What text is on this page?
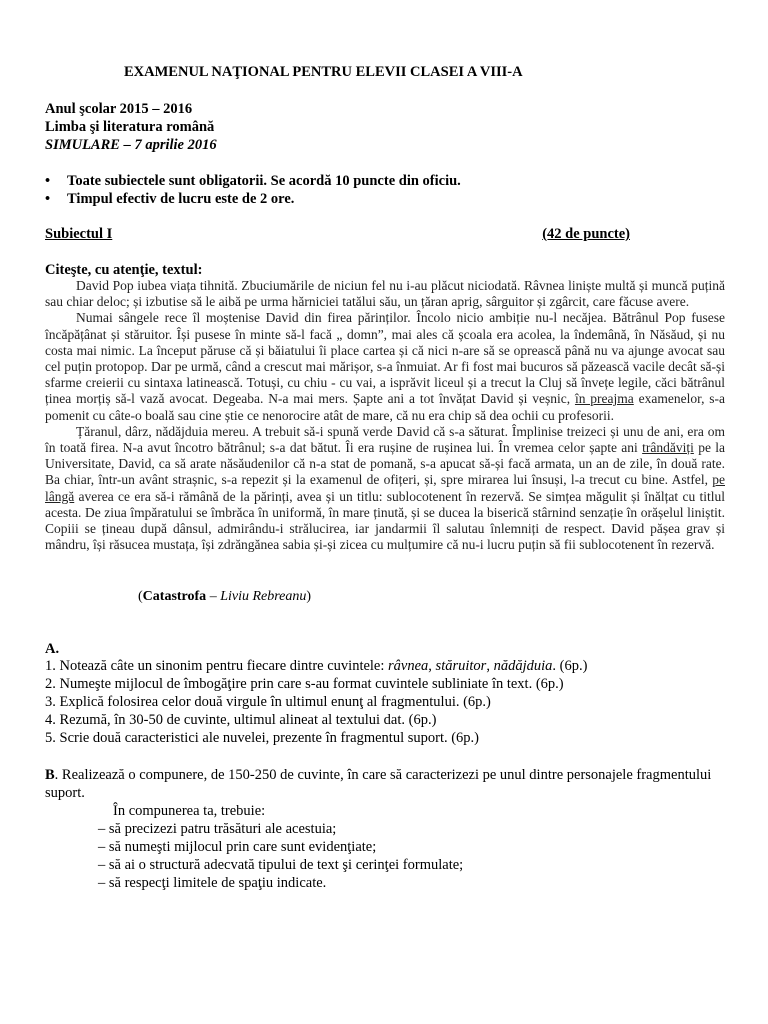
EXAMENUL NAŢIONAL PENTRU ELEVII CLASEI A VIII-A
Anul şcolar 2015 – 2016
Limba şi literatura română
SIMULARE – 7 aprilie 2016
• Toate subiectele sunt obligatorii. Se acordă 10 puncte din oficiu.
• Timpul efectiv de lucru este de 2 ore.
Subiectul I	(42 de puncte)
Citeşte, cu atenţie, textul:

David Pop iubea viața tihnită. Zbuciumările de niciun fel nu i-au plăcut niciodată. Râvnea liniște multă și muncă puțină sau chiar deloc; și izbutise să le aibă pe urma hărniciei tatălui său, un țăran aprig, sârguitor și zgârcit, care făcuse avere.

Numai sângele rece îl moștenise David din firea părinților. Încolo nicio ambiție nu-l necăjea. Bătrânul Pop fusese încăpățânat și stăruitor. Își pusese în minte să-l facă „ domn”, mai ales că școala era acolea, la îndemână, în Năsăud, și nu costa mai nimic. La început păruse că și băiatului îi place cartea și că nici n-are să se oprească până nu va ajunge avocat sau cel puțin protopop. Dar pe urmă, când a crescut mai mărișor, s-a înmuiat. Ar fi fost mai bucuros să păzească vacile decât să-și sfarme creierii cu sintaxa latinească. Totuși, cu chiu - cu vai, a isprăvit liceul și a trecut la Cluj să învețe legile, căci bătrânul ținea morțiș să-l vază avocat. Degeaba. N-a mai mers. Șapte ani a tot învățat David și veșnic, în preajma examenelor, s-a pomenit cu câte-o boală sau cine știe ce nenorocire atât de mare, că nu era chip să dea ochii cu profesorii.

Țăranul, dârz, nădăjduia mereu. A trebuit să-i spună verde David că s-a săturat. Împlinise treizeci și unu de ani, era om în toată firea. N-a avut încotro bătrânul; s-a dat bătut. Îi era rușine de rușinea lui. În vremea celor șapte ani trândăviți pe la Universitate, David, ca să arate năsăudenilor că n-a stat de pomană, s-a apucat să-și facă armata, un an de zile, în două rate. Ba chiar, într-un avânt strașnic, s-a repezit și la examenul de ofițeri, și, spre mirarea lui însuși, l-a trecut cu bine. Astfel, pe lângă averea ce era să-i rămână de la părinți, avea și un titlu: sublocotenent în rezervă. Se simțea măgulit și înălțat cu titlul acesta. De ziua împăratului se îmbrăca în uniformă, în mare ținută, și se ducea la biserică stârnind senzație în orășelul liniștit. Copiii se țineau după dânsul, admirându-i strălucirea, iar jandarmii îl salutau înlemniți de respect. David pășea grav și mândru, își răsucea mustața, își zdrăngănea sabia și-și zicea cu mulțumire că nu-i lucru puțin să fii sublocotenent în rezervă.

(Catastrofa – Liviu Rebreanu)
A.
1. Notează câte un sinonim pentru fiecare dintre cuvintele: râvnea, stăruitor, nădăjduia. (6p.)
2. Numeşte mijlocul de îmbogăţire prin care s-au format cuvintele subliniate în text. (6p.)
3. Explică folosirea celor două virgule în ultimul enunţ al fragmentului. (6p.)
4. Rezumă, în 30-50 de cuvinte, ultimul alineat al textului dat. (6p.)
5. Scrie două caracteristici ale nuvelei, prezente în fragmentul suport. (6p.)
B. Realizează o compunere, de 150-250 de cuvinte, în care să caracterizezi pe unul dintre personajele fragmentului suport.
În compunerea ta, trebuie:
– să precizezi patru trăsături ale acestuia;
– să numeşti mijlocul prin care sunt evidenţiate;
– să ai o structură adecvată tipului de text şi cerinţei formulate;
– să respecţi limitele de spaţiu indicate.
